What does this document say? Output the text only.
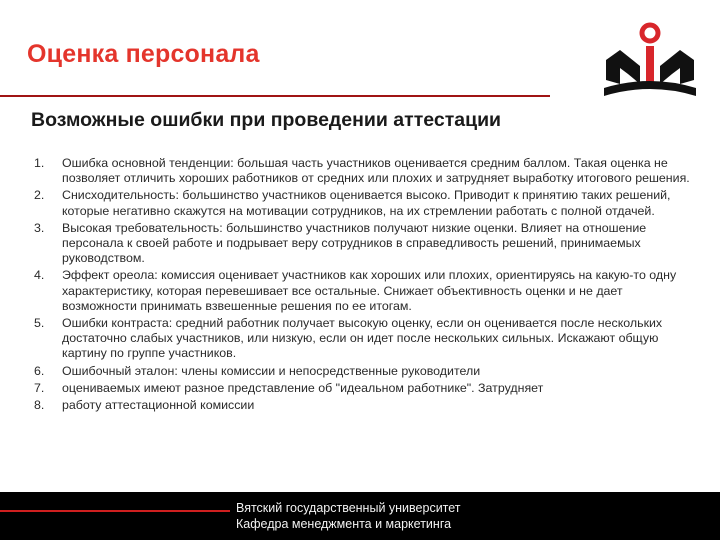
Оценка персонала
Возможные ошибки при проведении аттестации
1.	Ошибка основной тенденции: большая часть участников оценивается средним баллом. Такая оценка не позволяет отличить хороших работников от средних или плохих и затрудняет выработку итогового решения.
2.	Снисходительность: большинство участников оценивается высоко. Приводит к принятию таких решений, которые негативно скажутся на мотивации сотрудников, на их стремлении работать с полной отдачей.
3.	Высокая требовательность: большинство участников получают низкие оценки. Влияет на отношение персонала к своей работе и подрывает веру сотрудников в справедливость решений, принимаемых руководством.
4.	Эффект ореола: комиссия оценивает участников как хороших или плохих, ориентируясь на какую-то одну характеристику, которая перевешивает все остальные. Снижает объективность оценки и не дает возможности принимать взвешенные решения по ее итогам.
5.	Ошибки контраста: средний работник получает высокую оценку, если он оценивается после нескольких достаточно слабых участников, или низкую, если он идет после нескольких сильных. Искажают общую картину по группе участников.
6.	Ошибочный эталон: члены комиссии и непосредственные руководители
7.	оцениваемых имеют разное представление об "идеальном работнике". Затрудняет
8.	работу аттестационной комиссии
Вятский государственный университет
Кафедра менеджмента и маркетинга
